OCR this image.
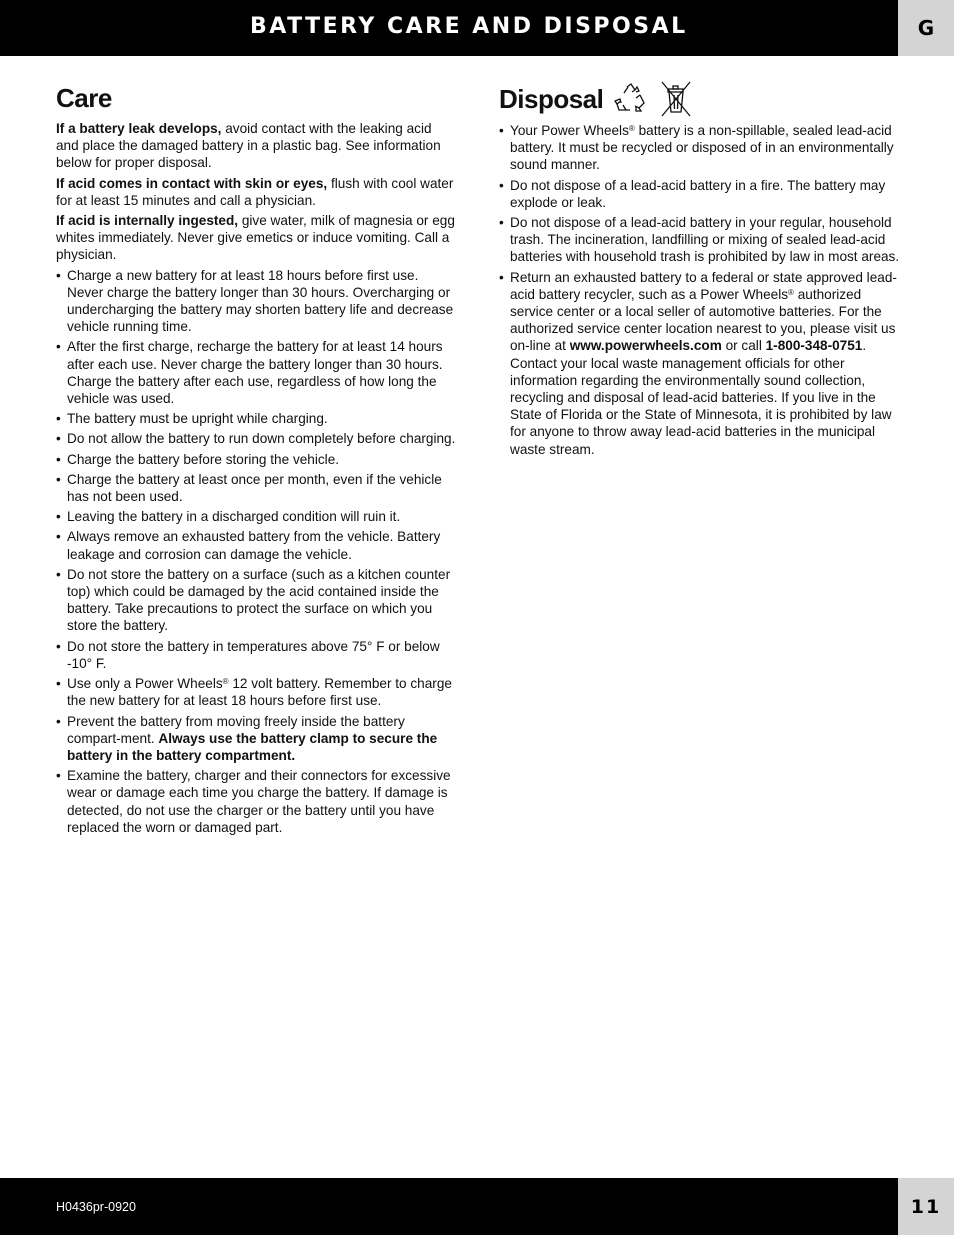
BATTERY CARE AND DISPOSAL	G
Care

If a battery leak develops, avoid contact with the leaking acid and place the damaged battery in a plastic bag. See information below for proper disposal.

If acid comes in contact with skin or eyes, flush with cool water for at least 15 minutes and call a physician.

If acid is internally ingested, give water, milk of magnesia or egg whites immediately. Never give emetics or induce vomiting. Call a physician.

• Charge a new battery for at least 18 hours before first use. Never charge the battery longer than 30 hours. Overcharging or undercharging the battery may shorten battery life and decrease vehicle running time.
• After the first charge, recharge the battery for at least 14 hours after each use. Never charge the battery longer than 30 hours. Charge the battery after each use, regardless of how long the vehicle was used.
• The battery must be upright while charging.
• Do not allow the battery to run down completely before charging.
• Charge the battery before storing the vehicle.
• Charge the battery at least once per month, even if the vehicle has not been used.
• Leaving the battery in a discharged condition will ruin it.
• Always remove an exhausted battery from the vehicle. Battery leakage and corrosion can damage the vehicle.
• Do not store the battery on a surface (such as a kitchen counter top) which could be damaged by the acid contained inside the battery. Take precautions to protect the surface on which you store the battery.
• Do not store the battery in temperatures above 75° F or below -10° F.
• Use only a Power Wheels® 12 volt battery. Remember to charge the new battery for at least 18 hours before first use.
• Prevent the battery from moving freely inside the battery compart-ment. Always use the battery clamp to secure the battery in the battery compartment.
• Examine the battery, charger and their connectors for excessive wear or damage each time you charge the battery. If damage is detected, do not use the charger or the battery until you have replaced the worn or damaged part.
Disposal
• Your Power Wheels® battery is a non-spillable, sealed lead-acid battery. It must be recycled or disposed of in an environmentally sound manner.
• Do not dispose of a lead-acid battery in a fire. The battery may explode or leak.
• Do not dispose of a lead-acid battery in your regular, household trash. The incineration, landfilling or mixing of sealed lead-acid batteries with household trash is prohibited by law in most areas.
• Return an exhausted battery to a federal or state approved lead-acid battery recycler, such as a Power Wheels® authorized service center or a local seller of automotive batteries. For the authorized service center location nearest to you, please visit us on-line at www.powerwheels.com or call 1-800-348-0751. Contact your local waste management officials for other information regarding the environmentally sound collection, recycling and disposal of lead-acid batteries. If you live in the State of Florida or the State of Minnesota, it is prohibited by law for anyone to throw away lead-acid batteries in the municipal waste stream.
H0436pr-0920	11
